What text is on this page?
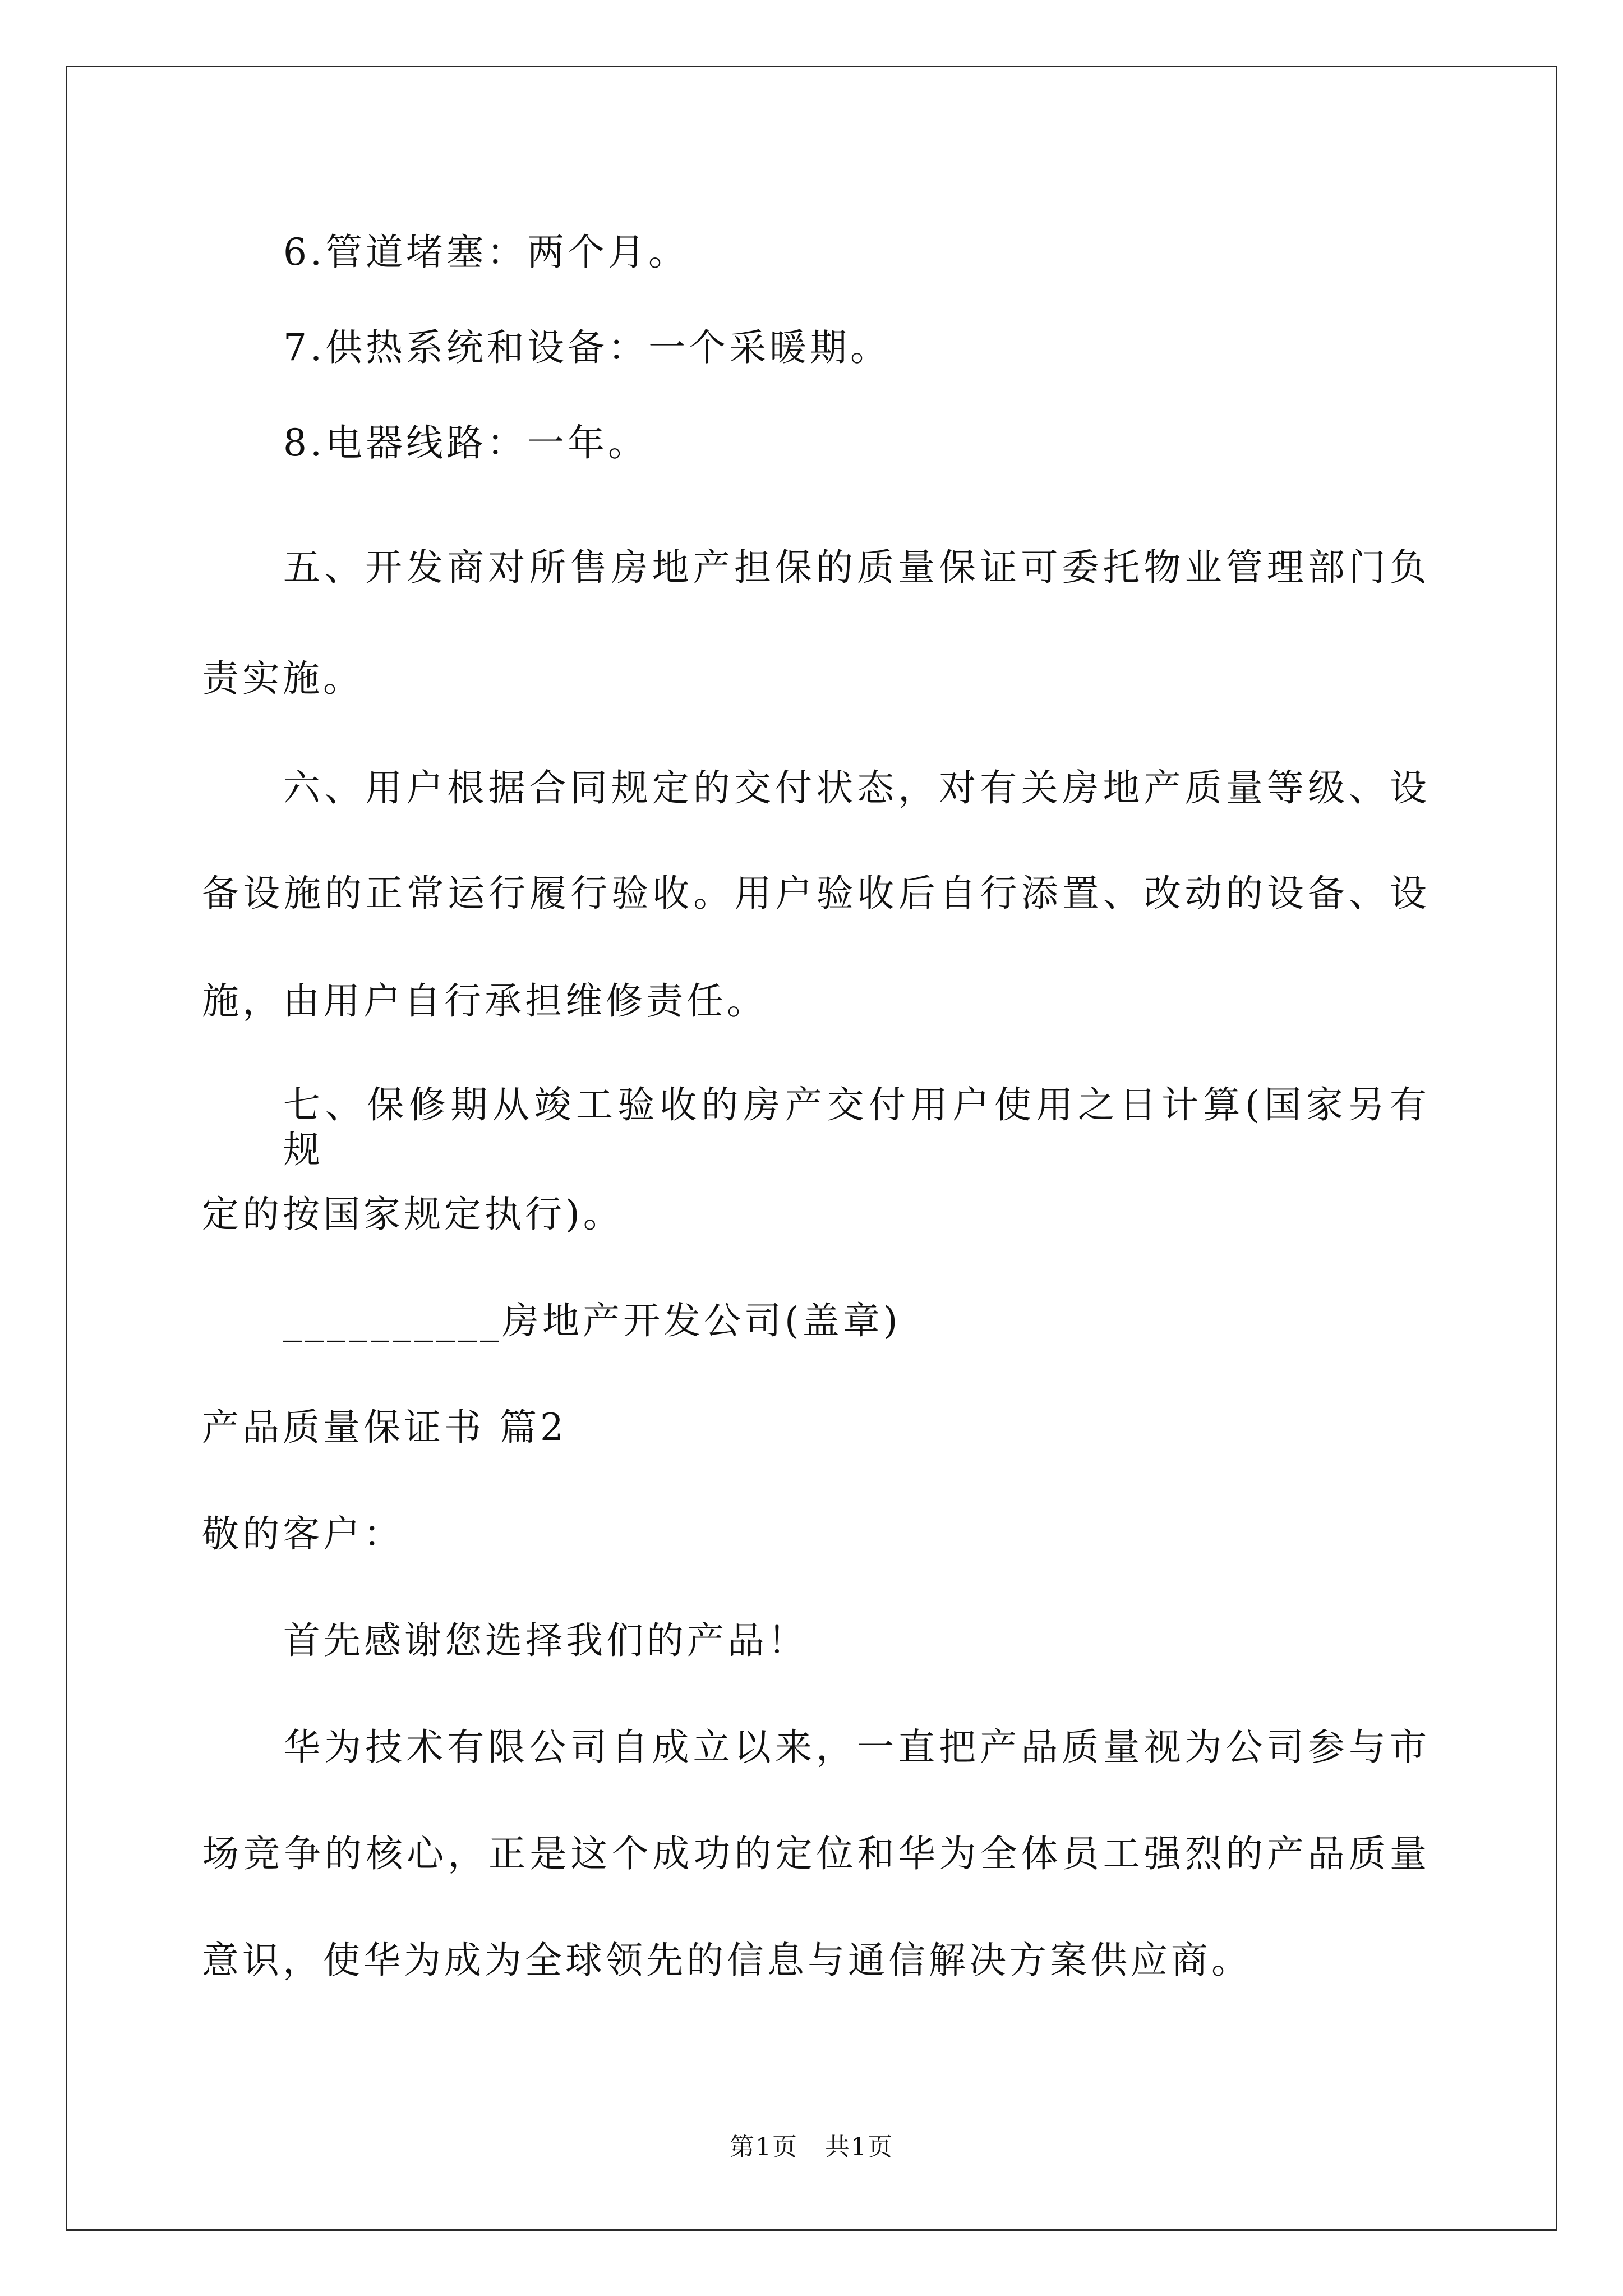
6.管道堵塞：两个月。
7.供热系统和设备：一个采暖期。
8.电器线路：一年。
五、开发商对所售房地产担保的质量保证可委托物业管理部门负
责实施。
六、用户根据合同规定的交付状态，对有关房地产质量等级、设
备设施的正常运行履行验收。用户验收后自行添置、改动的设备、设
施，由用户自行承担维修责任。
七、保修期从竣工验收的房产交付用户使用之日计算(国家另有规
定的按国家规定执行)。
__________房地产开发公司(盖章)
产品质量保证书 篇2
敬的客户：
首先感谢您选择我们的产品！
华为技术有限公司自成立以来，一直把产品质量视为公司参与市
场竞争的核心，正是这个成功的定位和华为全体员工强烈的产品质量
意识，使华为成为全球领先的信息与通信解决方案供应商。
第1页 共1页
